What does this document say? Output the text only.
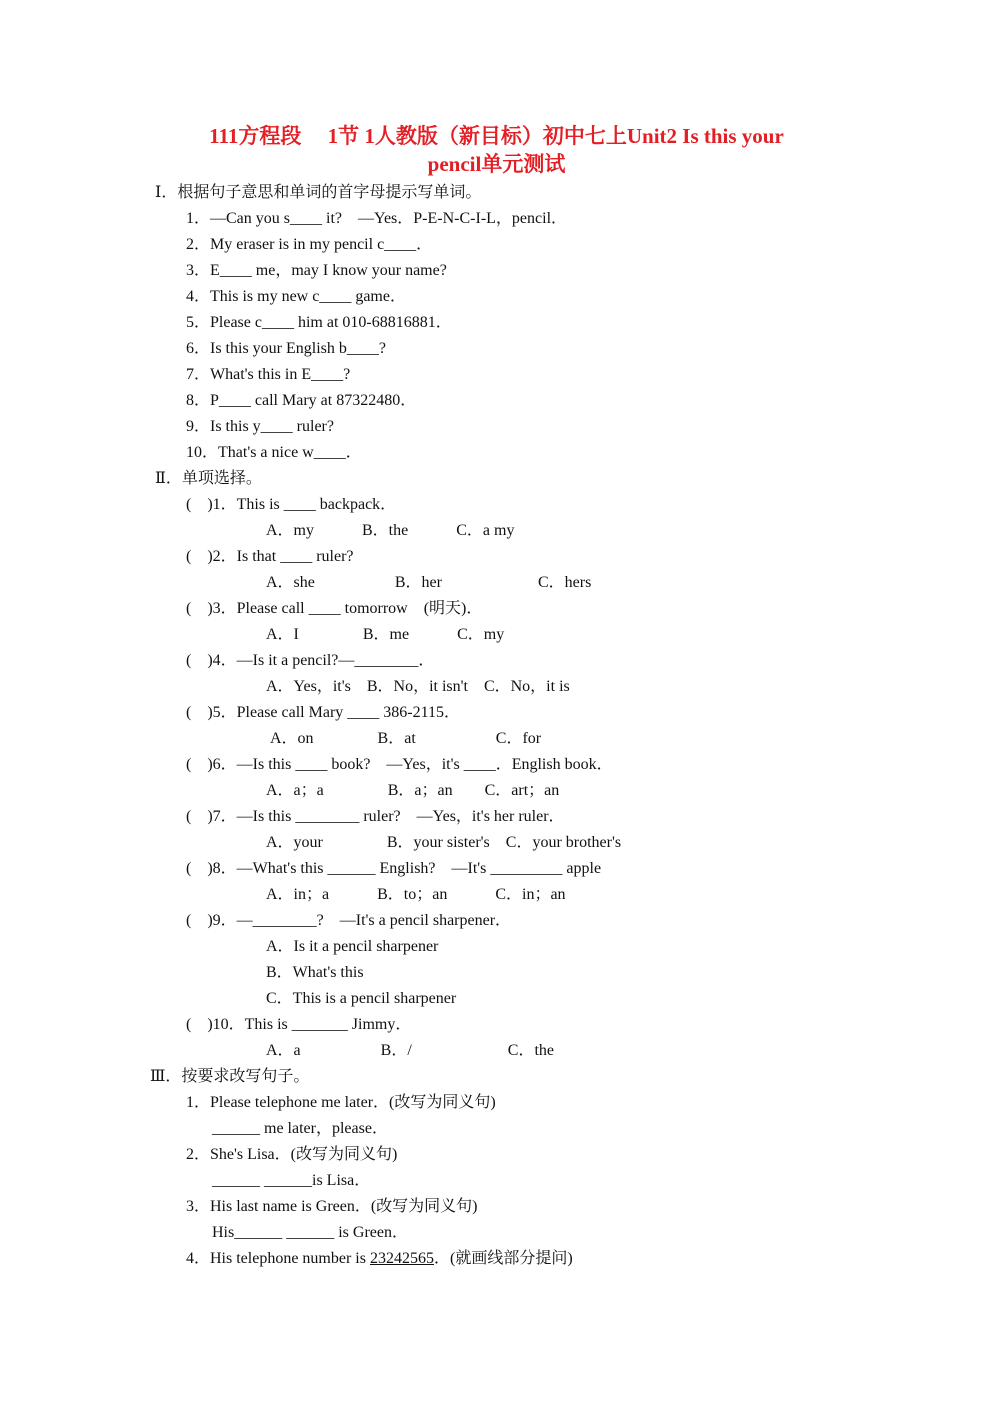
111方程段　 1节 1人教版（新目标）初中七上Unit2 Is this your
pencil单元测试
Ⅰ．根据句子意思和单词的首字母提示写单词。
1．—Can you s____ it?　—Yes．P-E-N-C-I-L，pencil．
2．My eraser is in my pencil c____．
3．E____ me，may I know your name?
4．This is my new c____ game．
5．Please c____ him at 010-68816881．
6．Is this your English b____?
7．What's this in E____?
8．P____ call Mary at 87322480．
9．Is this y____ ruler?
10．That's a nice w____．
Ⅱ．单项选择。
(　)1．This is ____ backpack．
A．my　　　B．the　　　C．a my
(　)2．Is that ____ ruler?
A．she　　　　　B．her　　　　　　C．hers
(　)3．Please call ____ tomorrow　(明天)．
A．I　　　　B．me　　　C．my
(　)4．—Is it a pencil?—________．
A．Yes，it's　B．No，it isn't　C．No，it is
(　)5．Please call Mary ____ 386-2115．
A．on　　　　B．at　　　　　C．for
(　)6．—Is this ____ book?　—Yes，it's ____．English book．
A．a；a　　　　B．a；an　　C．art；an
(　)7．—Is this ________ ruler?　—Yes，it's her ruler．
A．your　　　　B．your sister's　C．your brother's
(　)8．—What's this ______ English?　—It's _________ apple
A．in；a　　　B．to；an　　　C．in；an
(　)9．—________?　—It's a pencil sharpener．
A．Is it a pencil sharpener
B．What's this
C．This is a pencil sharpener
(　)10．This is _______ Jimmy．
A．a　　　　　B．/　　　　　　C．the
Ⅲ．按要求改写句子。
1．Please telephone me later．(改写为同义句)
______ me later，please．
2．She's Lisa．(改写为同义句)
______ ______is Lisa．
3．His last name is Green．(改写为同义句)
His______ ______ is Green．
4．His telephone number is 23242565．(就画线部分提问)
